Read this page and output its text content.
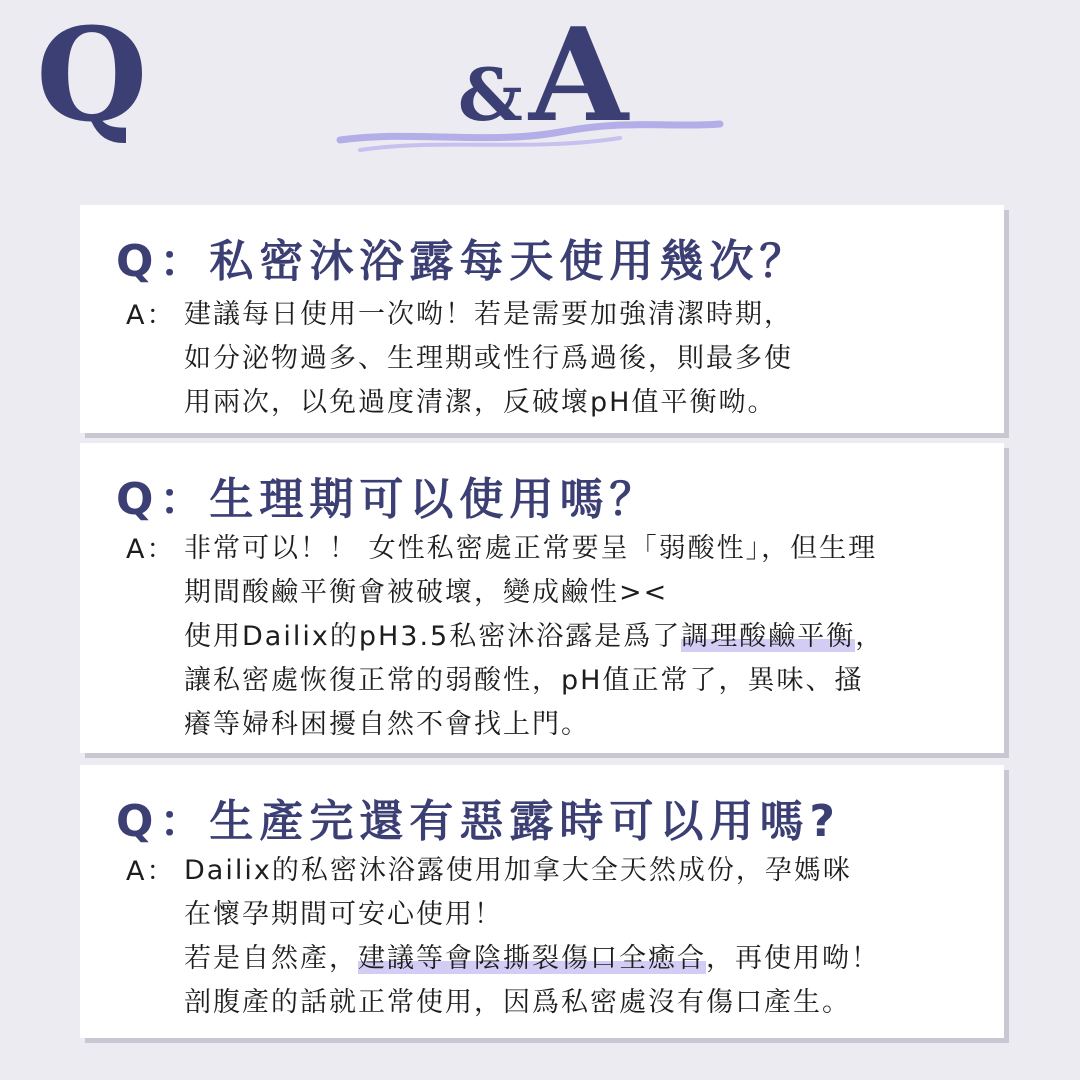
Q	&A
Q：私密沐浴露每天使用幾次？
A： 建議每日使用一次呦！若是需要加強清潔時期，
如分泌物過多、生理期或性行爲過後，則最多使
用兩次，以免過度清潔，反破壞pH值平衡呦。
Q：生理期可以使用嗎？
A： 非常可以！！ 女性私密處正常要呈「弱酸性」，但生理
期間酸鹼平衡會被破壞，變成鹼性><
使用Dailix的pH3.5私密沐浴露是爲了調理酸鹼平衡，
讓私密處恢復正常的弱酸性，pH值正常了，異味、搔
癢等婦科困擾自然不會找上門。
Q：生產完還有惡露時可以用嗎?
A： Dailix的私密沐浴露使用加拿大全天然成份，孕媽咪
在懷孕期間可安心使用！
若是自然產，建議等會陰撕裂傷口全癒合，再使用呦！
剖腹產的話就正常使用，因爲私密處沒有傷口產生。
